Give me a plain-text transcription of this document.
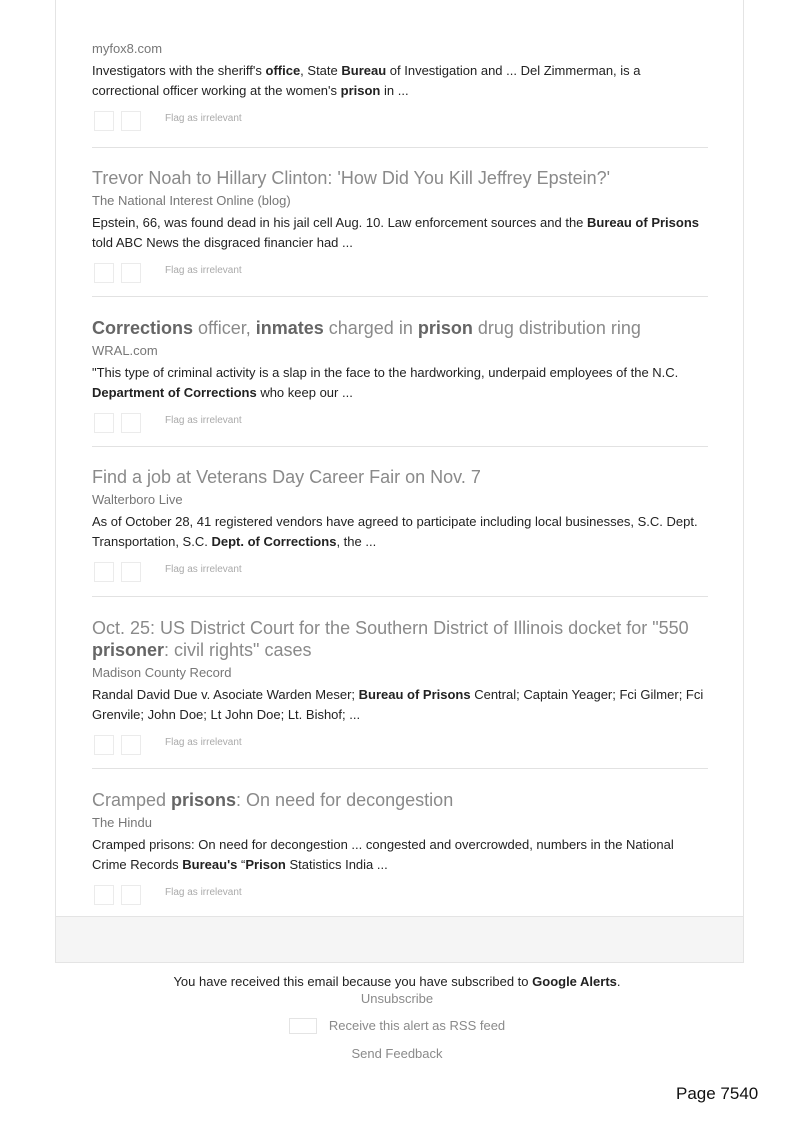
myfox8.com
Investigators with the sheriff's office, State Bureau of Investigation and ... Del Zimmerman, is a correctional officer working at the women's prison in ...
Flag as irrelevant
Trevor Noah to Hillary Clinton: 'How Did You Kill Jeffrey Epstein?'
The National Interest Online (blog)
Epstein, 66, was found dead in his jail cell Aug. 10. Law enforcement sources and the Bureau of Prisons told ABC News the disgraced financier had ...
Flag as irrelevant
Corrections officer, inmates charged in prison drug distribution ring
WRAL.com
"This type of criminal activity is a slap in the face to the hardworking, underpaid employees of the N.C. Department of Corrections who keep our ...
Flag as irrelevant
Find a job at Veterans Day Career Fair on Nov. 7
Walterboro Live
As of October 28, 41 registered vendors have agreed to participate including local businesses, S.C. Dept. Transportation, S.C. Dept. of Corrections, the ...
Flag as irrelevant
Oct. 25: US District Court for the Southern District of Illinois docket for "550 prisoner: civil rights" cases
Madison County Record
Randal David Due v. Asociate Warden Meser; Bureau of Prisons Central; Captain Yeager; Fci Gilmer; Fci Grenvile; John Doe; Lt John Doe; Lt. Bishof; ...
Flag as irrelevant
Cramped prisons: On need for decongestion
The Hindu
Cramped prisons: On need for decongestion ... congested and overcrowded, numbers in the National Crime Records Bureau's “Prison Statistics India ...
Flag as irrelevant
You have received this email because you have subscribed to Google Alerts.
Unsubscribe
Receive this alert as RSS feed
Send Feedback
Page 7540
